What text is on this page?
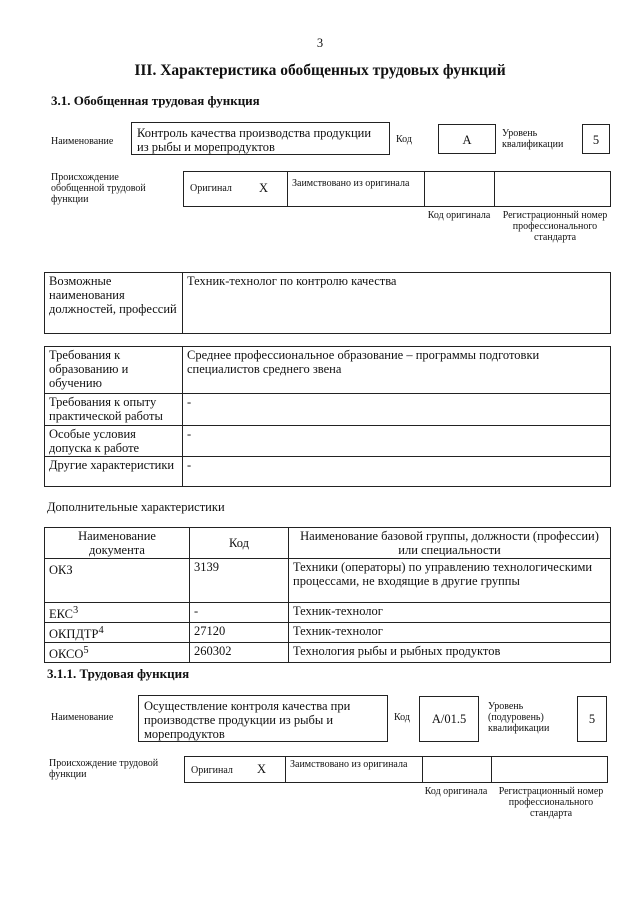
3
III. Характеристика обобщенных трудовых функций
3.1. Обобщенная трудовая функция
Наименование
Контроль качества производства продукции из рыбы и морепродуктов
Код	А	Уровень квалификации	5
Происхождение обобщенной трудовой функции
Оригинал Х Заимствовано из оригинала
Код оригинала	Регистрационный номер профессионального стандарта
Возможные наименования должностей, профессий	Техник-технолог по контролю качества
Требования к образованию и обучению	Среднее профессиональное образование – программы подготовки специалистов среднего звена
Требования к опыту практической работы	-
Особые условия допуска к работе	-
Другие характеристики	-
Дополнительные характеристики
Наименование документа	Код	Наименование базовой группы, должности (профессии) или специальности
ОКЗ	3139	Техники (операторы) по управлению технологическими процессами, не входящие в другие группы
ЕКС$^3$	-	Техник-технолог
ОКПДТР$^4$	27120	Техник-технолог
ОКСО$^5$	260302	Технология рыбы и рыбных продуктов
3.1.1. Трудовая функция
Наименование
Осуществление контроля качества при производстве продукции из рыбы и морепродуктов
Код	А/01.5
Уровень (подуровень) квалификации
5
Происхождение трудовой функции	Оригинал Х Заимствовано из оригинала
Код оригинала	Регистрационный номер профессионального стандарта
